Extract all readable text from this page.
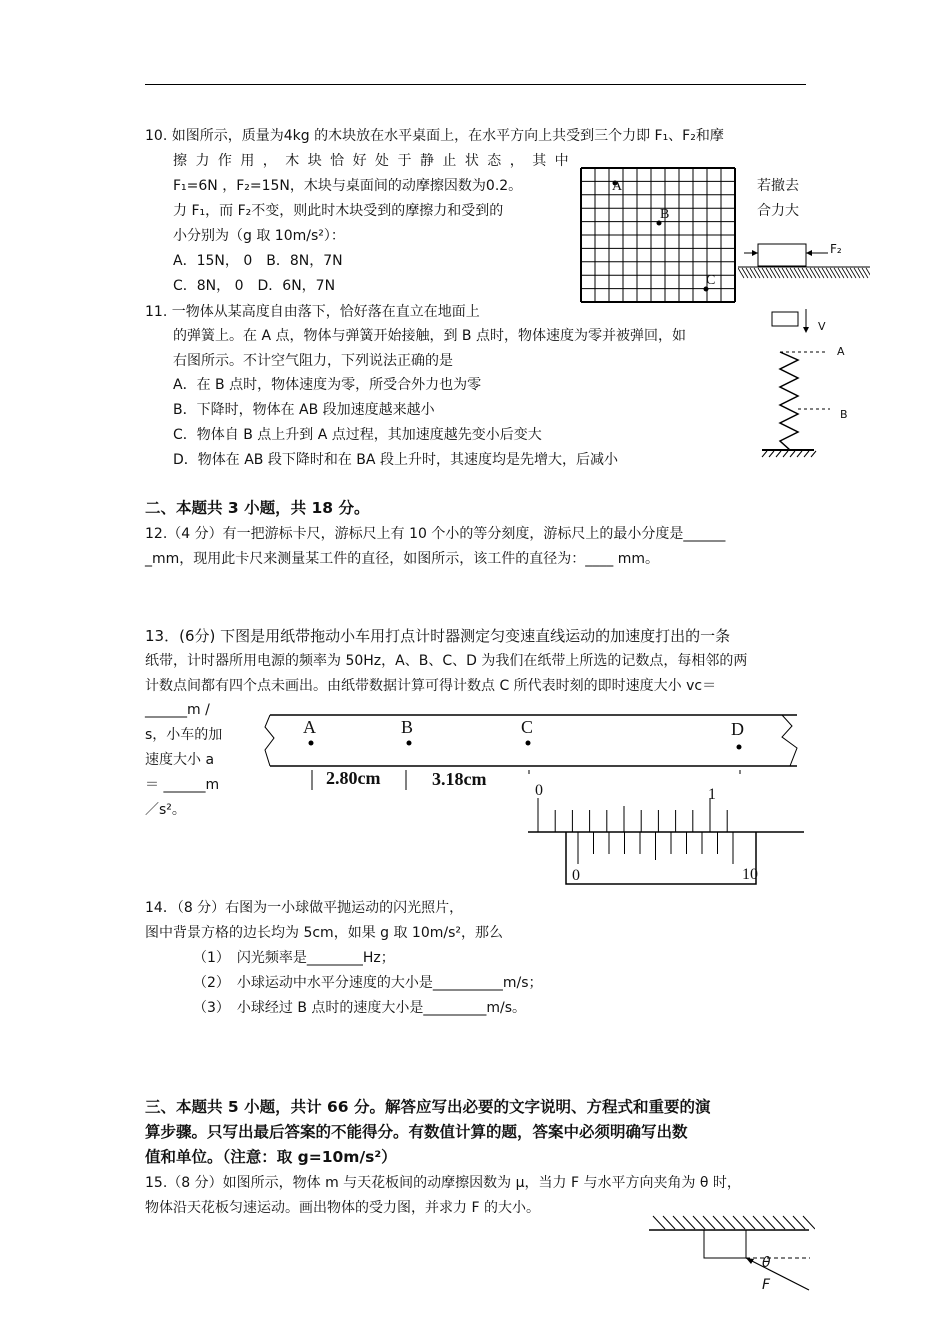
10. 如图所示，质量为4kg 的木块放在水平桌面上，在水平方向上共受到三个力即 F₁、F₂和摩
擦 力 作 用 ， 木 块 恰 好 处 于 静 止 状 态 ， 其 中
F₁=6N ，F₂=15N，木块与桌面间的动摩擦因数为0.2。
力 F₁，而 F₂不变，则此时木块受到的摩擦力和受到的
小分别为（g 取 10m/s²）：
A．15N， 0　B．8N，7N
C．8N， 0　D．6N，7N
若撤去
合力大
A
B
C
F₂
11. 一物体从某高度自由落下，恰好落在直立在地面上
的弹簧上。在 A 点，物体与弹簧开始接触，到 B 点时，物体速度为零并被弹回，如
右图所示。不计空气阻力，下列说法正确的是
A．在 B 点时，物体速度为零，所受合外力也为零
B．下降时，物体在 AB 段加速度越来越小
C．物体自 B 点上升到 A 点过程，其加速度越先变小后变大
D．物体在 AB 段下降时和在 BA 段上升时，其速度均是先增大，后减小
V
A
B
二、本题共 3 小题，共 18 分。
12.（4 分）有一把游标卡尺，游标尺上有 10 个小的等分刻度，游标尺上的最小分度是______
_mm，现用此卡尺来测量某工件的直径，如图所示，该工件的直径为：____ mm。
13．(6分) 下图是用纸带拖动小车用打点计时器测定匀变速直线运动的加速度打出的一条
纸带，计时器所用电源的频率为 50Hz，A、B、C、D 为我们在纸带上所选的记数点，每相邻的两
计数点间都有四个点未画出。由纸带数据计算可得计数点 C 所代表时刻的即时速度大小 vc＝
______m /
s，小车的加
速度大小 a
＝ ______m
／s²。
A	B	C	D
2.80cm	3.18cm
0	1
0	10
14．（8 分）右图为一小球做平抛运动的闪光照片，
图中背景方格的边长均为 5cm，如果 g 取 10m/s²，那么
（1）　闪光频率是________Hz；
（2）　小球运动中水平分速度的大小是__________m/s；
（3）　小球经过 B 点时的速度大小是_________m/s。
三、本题共 5 小题，共计 66 分。解答应写出必要的文字说明、方程式和重要的演
算步骤。只写出最后答案的不能得分。有数值计算的题，答案中必须明确写出数
值和单位。（注意：取 g=10m/s²）
15.（8 分）如图所示，物体 m 与天花板间的动摩擦因数为 μ，当力 F 与水平方向夹角为 θ 时，
物体沿天花板匀速运动。画出物体的受力图，并求力 F 的大小。
θ
F
